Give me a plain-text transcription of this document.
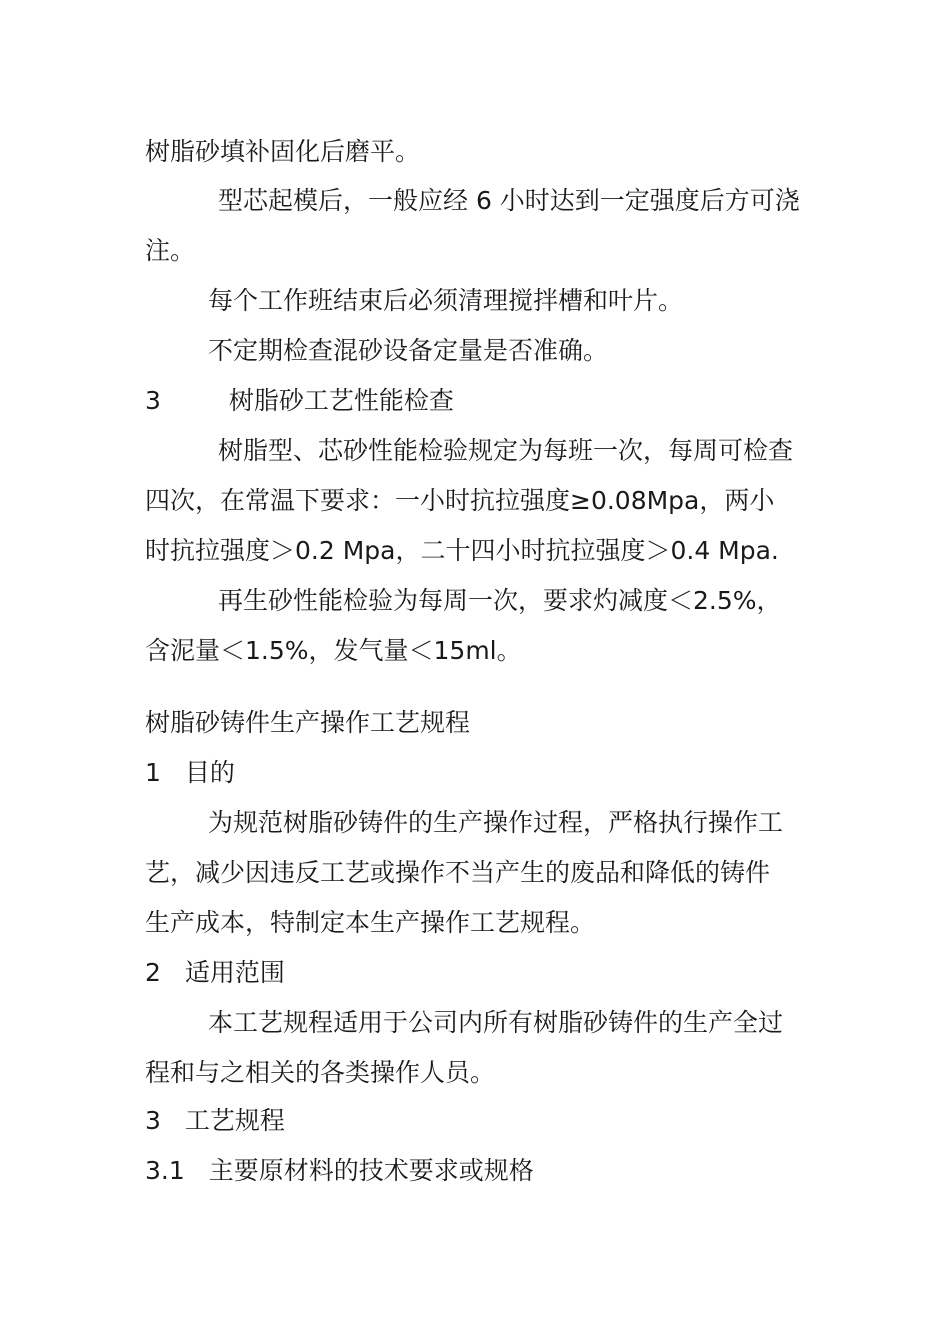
树脂砂填补固化后磨平。
型芯起模后，一般应经 6 小时达到一定强度后方可浇
注。
每个工作班结束后必须清理搅拌槽和叶片。
不定期检查混砂设备定量是否准确。
3	树脂砂工艺性能检查
树脂型、芯砂性能检验规定为每班一次，每周可检查
四次，在常温下要求：一小时抗拉强度≥0.08Mpa，两小
时抗拉强度＞0.2 Mpa，二十四小时抗拉强度＞0.4 Mpa.
再生砂性能检验为每周一次，要求灼减度＜2.5%，
含泥量＜1.5%，发气量＜15ml。
树脂砂铸件生产操作工艺规程
1 目的
为规范树脂砂铸件的生产操作过程，严格执行操作工
艺，减少因违反工艺或操作不当产生的废品和降低的铸件
生产成本，特制定本生产操作工艺规程。
2 适用范围
本工艺规程适用于公司内所有树脂砂铸件的生产全过
程和与之相关的各类操作人员。
3 工艺规程
3.1 主要原材料的技术要求或规格
